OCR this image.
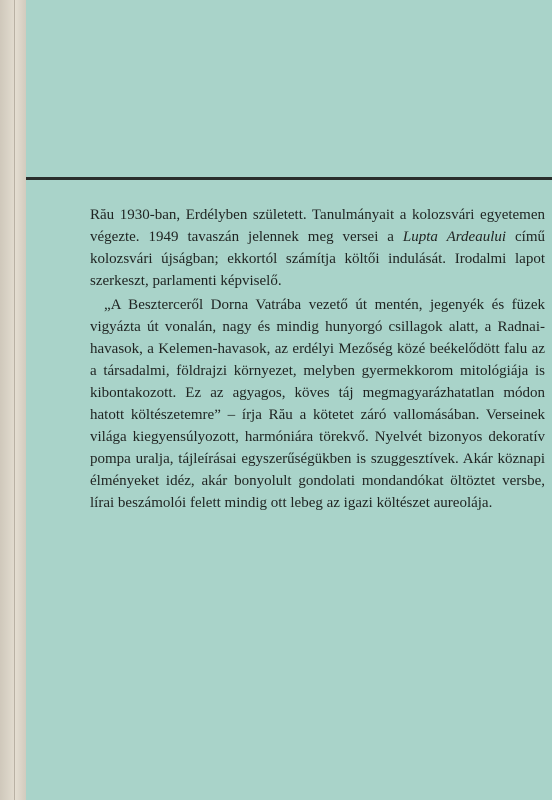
Rău 1930-ban, Erdélyben született. Tanulmányait a kolozsvári egyetemen végezte. 1949 tavaszán jelennek meg versei a Lupta Ardeaului című kolozsvári újságban; ekkortól számítja költői indulását. Irodalmi lapot szerkeszt, parlamenti képviselő.

„A Beszterceről Dorna Vatrába vezető út mentén, jegenyék és füzek vigyázta út vonalán, nagy és mindig hunyorgó csillagok alatt, a Radnai-havasok, a Kelemen-havasok, az erdélyi Mezőség közé beékelődött falu az a társadalmi, földrajzi környezet, melyben gyermekkorom mitológiája is kibontakozott. Ez az agyagos, köves táj megmagyarázhatatlan módon hatott költészetemre” – írja Rău a kötetet záró vallomásában. Verseinek világa kiegyensúlyozott, harmóniára törekvő. Nyelvét bizonyos dekoratív pompa uralja, tájleírásai egyszerűségükben is szuggesztívek. Akár köznapi élményeket idéz, akár bonyolult gondolati mondandókat öltöztet versbe, lírai beszámolói felett mindig ott lebeg az igazi költészet aureolája.
